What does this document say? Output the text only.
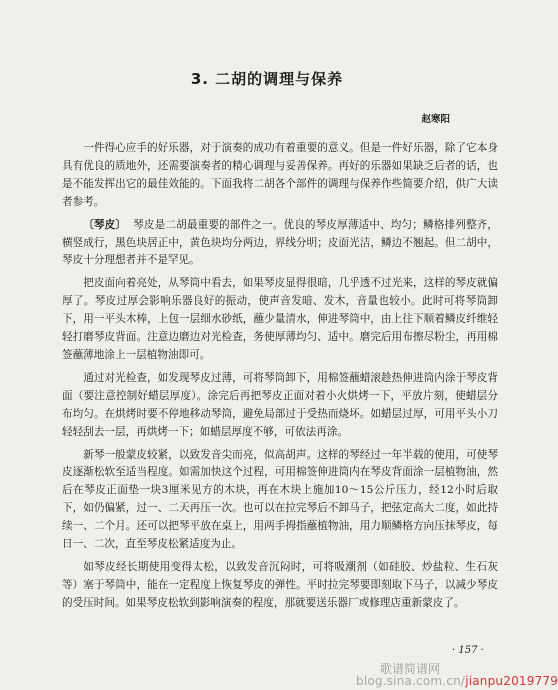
3. 二胡的调理与保养
赵寒阳

一件得心应手的好乐器，对于演奏的成功有着重要的意义。但是一件好乐器，除了它本身具有优良的质地外，还需要演奏者的精心调理与妥善保养。再好的乐器如果缺乏后者的话，也是不能发挥出它的最佳效能的。下面我将二胡各个部件的调理与保养作些简要介绍，供广大读者参考。

〔琴皮〕 琴皮是二胡最重要的部件之一。优良的琴皮厚薄适中、均匀；鳞格排列整齐，横竖成行，黑色块居正中，黄色块均分两边，界线分明；皮面光洁，鳞边不翘起。但二胡中，琴皮十分理想者并不是罕见。

把皮面向着亮处，从琴筒中看去，如果琴皮显得很暗，几乎透不过光来，这样的琴皮就偏厚了。琴皮过厚会影响乐器良好的振动，使声音发暗、发木，音量也较小。此时可将琴筒卸下，用一平头木棒，上包一层细水砂纸，蘸少量清水，伸进琴筒中，由上往下顺着鳞皮纤维轻轻打磨琴皮背面。注意边磨边对光检查，务使厚薄均匀、适中。磨完后用布擦尽粉尘，再用棉签蘸薄地涂上一层植物油即可。

通过对光检查，如发现琴皮过薄，可将琴筒卸下，用棉签蘸蜡滚趁热伸进筒内涂于琴皮背面（要注意控制好蜡层厚度）。涂完后再把琴皮正面对着小火烘烤一下，平放片刻，使蜡层分布均匀。在烘烤时要不停地移动琴筒，避免局部过于受热而烧坏。如蜡层过厚，可用平头小刀轻轻刮去一层，再烘烤一下；如蜡层厚度不够，可依法再涂。

新琴一般蒙皮较紧，以致发音尖而亮，似高胡声。这样的琴经过一年半载的使用，可使琴皮逐渐松软至适当程度。如需加快这个过程，可用棉签伸进筒内在琴皮背面涂一层植物油，然后在琴皮正面垫一块3厘米见方的木块，再在木块上施加10～15公斤压力，经12小时后取下，如仍偏紧，过一、二天再压一次。也可以在拉完琴后不卸马子，把弦定高大二度，如此持续一、二个月。还可以把琴平放在桌上，用两手拇指蘸植物油，用力顺鳞格方向压抹琴皮，每日一、二次，直至琴皮松紧适度为止。

如琴皮经长期使用变得太松，以致发音沉闷时，可将吸潮剂（如硅胶、炒盐粒、生石灰等）塞于琴筒中，能在一定程度上恢复琴皮的弹性。平时拉完琴要即刻取下马子，以减少琴皮的受压时间。如果琴皮松软到影响演奏的程度，那就要送乐器厂或修理店重新蒙皮了。

· 157 ·
歌谱简谱网
blog.sina.com.cn/jianpu2019779
